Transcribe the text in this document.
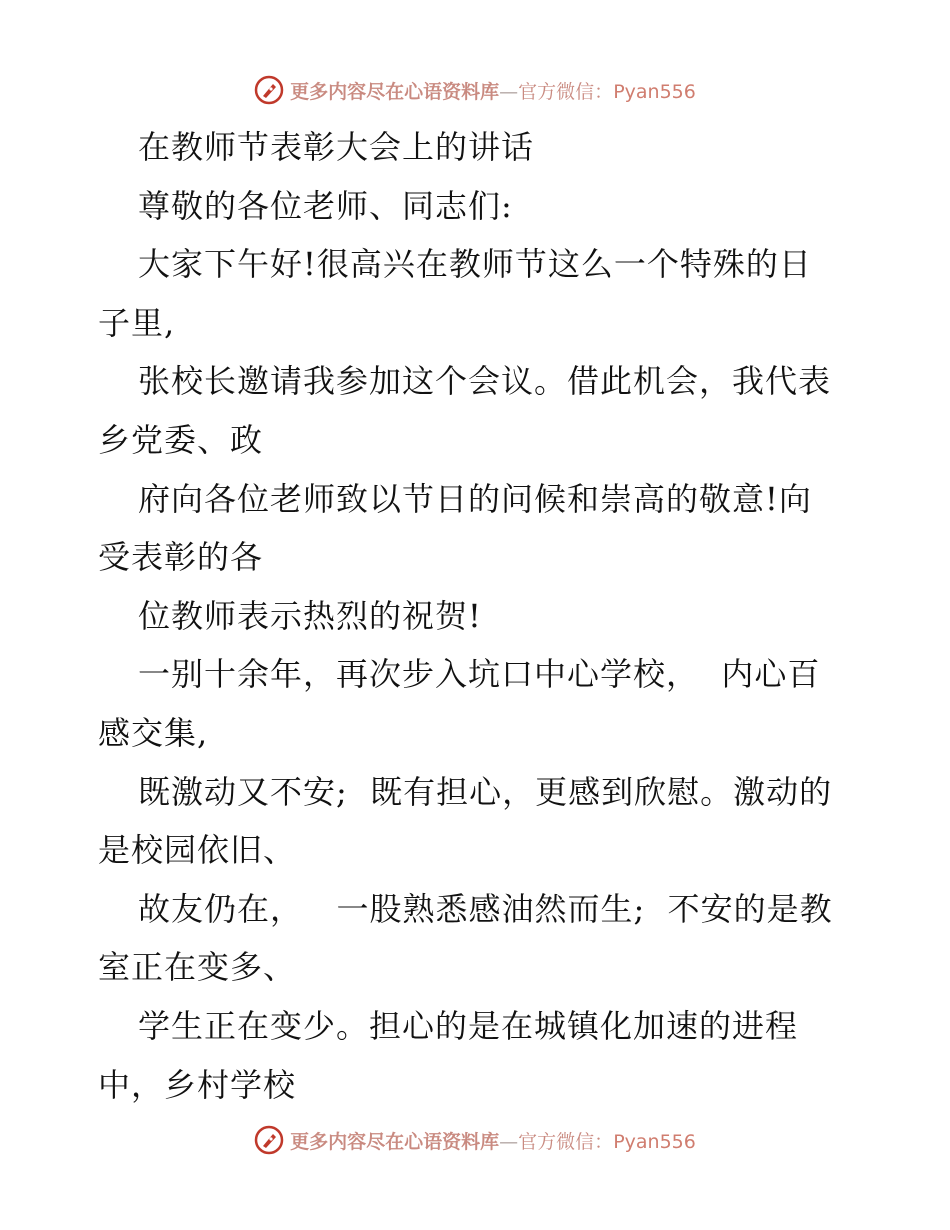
更多内容尽在心语资料库—官方微信：Pyan556
在教师节表彰大会上的讲话
尊敬的各位老师、同志们:
大家下午好!很高兴在教师节这么一个特殊的日
子里,
张校长邀请我参加这个会议。借此机会，我代表
乡党委、政
府向各位老师致以节日的问候和崇高的敬意!向
受表彰的各
位教师表示热烈的祝贺!
一别十余年，再次步入坑口中心学校，  内心百
感交集,
既激动又不安;  既有担心，更感到欣慰。激动的
是校园依旧、
故友仍在，   一股熟悉感油然而生;  不安的是教
室正在变多、
学生正在变少。担心的是在城镇化加速的进程
中，乡村学校
更多内容尽在心语资料库—官方微信：Pyan556
